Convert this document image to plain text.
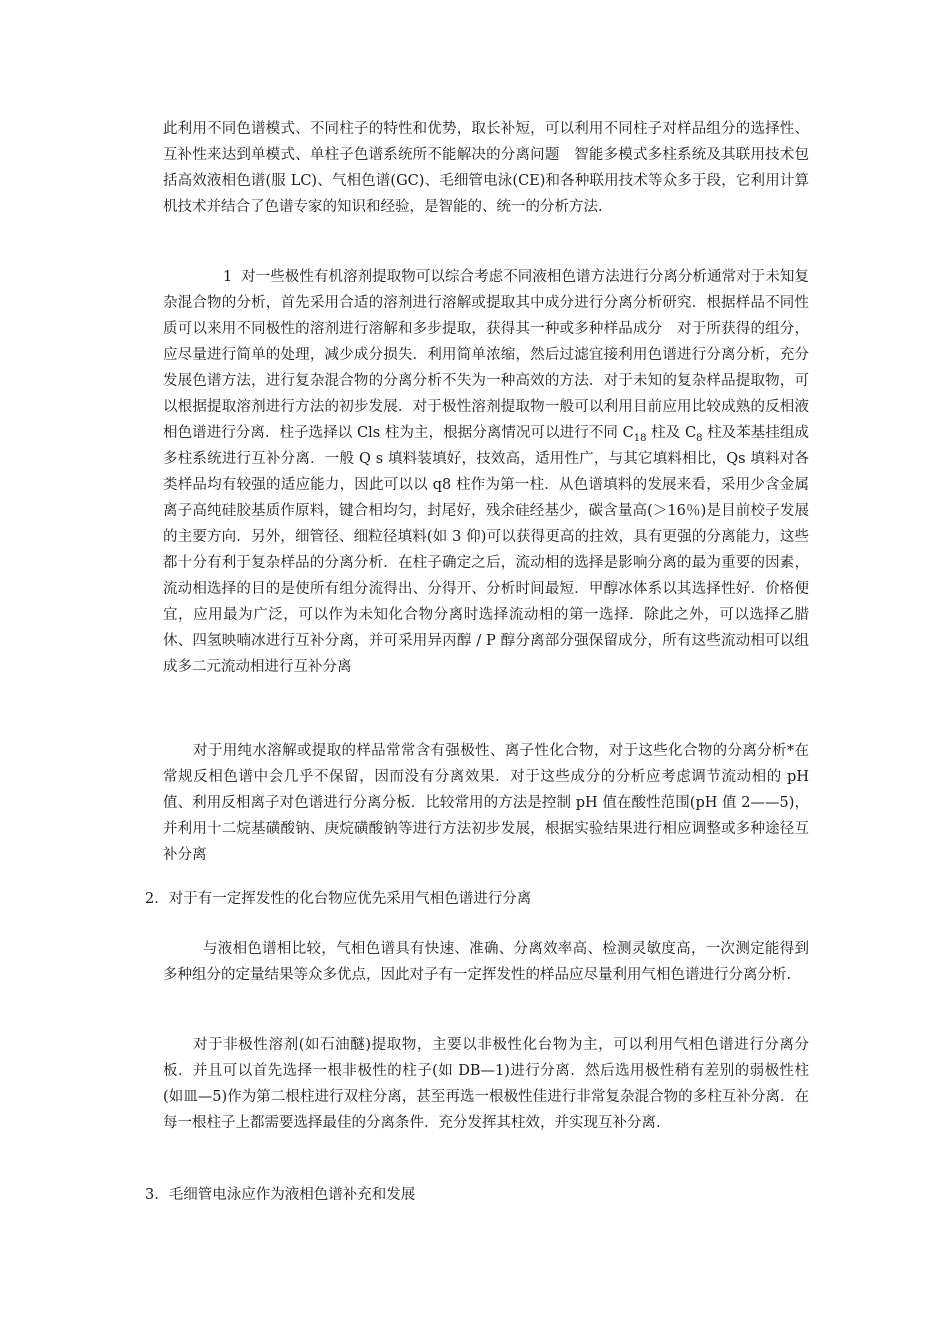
此利用不同色谱模式、不同柱子的特性和优势，取长补短，可以利用不同柱子对样品组分的选择性、互补性来达到单模式、单柱子色谱系统所不能解决的分离问题　智能多模式多柱系统及其联用技术包括高效液相色谱(服 LC)、气相色谱(GC)、毛细管电泳(CE)和各种联用技术等众多于段，它利用计算机技术并结合了色谱专家的知识和经验，是智能的、统一的分析方法.

1 对一些极性有机溶剂提取物可以综合考虑不同液相色谱方法进行分离分析通常对于未知复杂混合物的分析，首先采用合适的溶剂进行溶解或提取其中成分进行分离分析研究．根据样品不同性质可以来用不同极性的溶剂进行溶解和多步提取，获得其一种或多种样品成分　对于所获得的组分，应尽量进行简单的处理，减少成分损失．利用简单浓缩，然后过滤宜接利用色谱进行分离分析，充分发展色谱方法，进行复杂混合物的分离分析不失为一种高效的方法．对于未知的复杂样品提取物，可以根据提取溶剂进行方法的初步发展．对于极性溶剂提取物一般可以利用目前应用比较成熟的反相液相色谱进行分离．柱子选择以 Cls 柱为主，根据分离情况可以进行不同 $C_{18}$ 柱及 $C_8$ 柱及苯基挂组成多柱系统进行互补分离．一般 Q s 填料装填好，技效高，适用性广，与其它填料相比，Qs 填料对各类样品均有较强的适应能力，因此可以以 q8 柱作为第一柱．从色谱填料的发展来看，采用少含金属离子高纯硅胶基质作原料，键合相均匀，封尾好，残余硅经基少，碳含量高(＞16％)是目前校子发展的主要方向．另外，细管径、细粒径填料(如 3 仰)可以获得更高的拄效，具有更强的分离能力，这些都十分有利于复杂样品的分离分析．在柱子确定之后，流动相的选择是影响分离的最为重要的因素，流动相选择的目的是使所有组分流得出、分得开、分析时间最短．甲醇冰体系以其选择性好．价格便宜，应用最为广泛，可以作为未知化合物分离时选择流动相的第一选择．除此之外，可以选择乙腊休、四氢映喃冰进行互补分离，并可采用异丙醇 / P 醇分离部分强保留成分，所有这些流动相可以组成多二元流动相进行互补分离

对于用纯水溶解或提取的样品常常含有强极性、离子性化合物，对于这些化合物的分离分析*在常规反相色谱中会几乎不保留，因而没有分离效果．对于这些成分的分析应考虑调节流动相的 pH 值、利用反相离子对色谱进行分离分板．比较常用的方法是控制 pH 值在酸性范围(pH 值 2——5)，并利用十二烷基磺酸钠、庚烷磺酸钠等进行方法初步发展，根据实验结果进行相应调整或多种途径互补分离

2．对于有一定挥发性的化台物应优先采用气相色谱进行分离

与液相色谱相比较，气相色谱具有快速、准确、分离效率高、检测灵敏度高，一次测定能得到多种组分的定量结果等众多优点，因此对子有一定挥发性的样品应尽量利用气相色谱进行分离分析.

对于非极性溶剂(如石油醚)提取物，主要以非极性化台物为主，可以利用气相色谱进行分离分板．并且可以首先选择一根非极性的柱子(如 DB—1)进行分离．然后选用极性稍有差别的弱极性柱(如皿—5)作为第二根柱进行双柱分离，甚至再选一根极性佳进行非常复杂混合物的多柱互补分离．在每一根柱子上都需要选择最佳的分离条件．充分发挥其柱效，并实现互补分离.

3．毛细管电泳应作为液相色谱补充和发展
